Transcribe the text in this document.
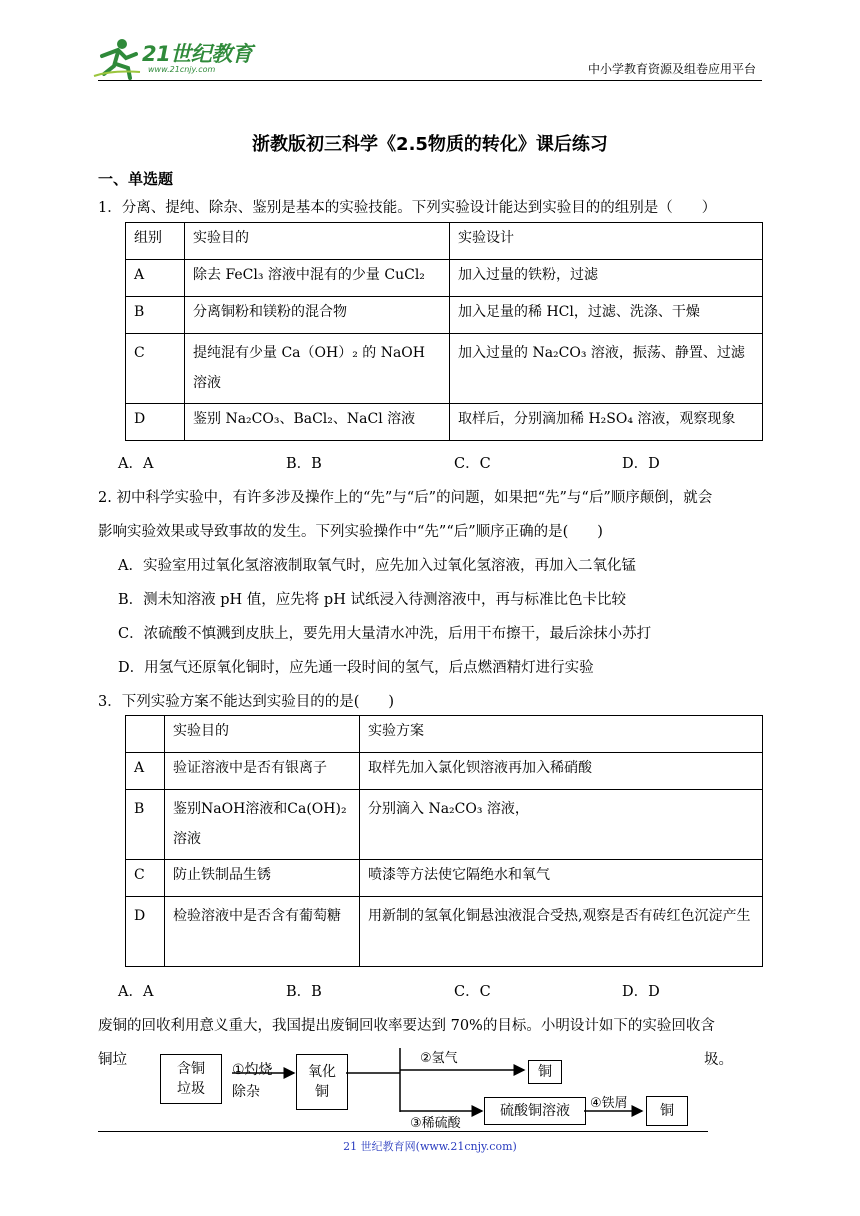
21世纪教育
www.21cnjy.com	中小学教育资源及组卷应用平台
浙教版初三科学《2.5物质的转化》课后练习
一、单选题
1．分离、提纯、除杂、鉴别是基本的实验技能。下列实验设计能达到实验目的的组别是（　　）
组别	实验目的	实验设计
A	除去 FeCl₃ 溶液中混有的少量 CuCl₂	加入过量的铁粉，过滤
B	分离铜粉和镁粉的混合物	加入足量的稀 HCl，过滤、洗涤、干燥
C	提纯混有少量 Ca（OH）₂ 的 NaOH 溶液	加入过量的 Na₂CO₃ 溶液，振荡、静置、过滤
D	鉴别 Na₂CO₃、BaCl₂、NaCl 溶液	取样后，分别滴加稀 H₂SO₄ 溶液，观察现象
A．A	B．B	C．C	D．D
2. 初中科学实验中，有许多涉及操作上的“先”与“后”的问题，如果把“先”与“后”顺序颠倒，就会
影响实验效果或导致事故的发生。下列实验操作中“先”“后”顺序正确的是(　　)
A．实验室用过氧化氢溶液制取氧气时，应先加入过氧化氢溶液，再加入二氧化锰
B．测未知溶液 pH 值，应先将 pH 试纸浸入待测溶液中，再与标准比色卡比较
C．浓硫酸不慎溅到皮肤上，要先用大量清水冲洗，后用干布擦干，最后涂抹小苏打
D．用氢气还原氧化铜时，应先通一段时间的氢气，后点燃酒精灯进行实验
3．下列实验方案不能达到实验目的的是(　　)
	实验目的	实验方案
A	验证溶液中是否有银离子	取样先加入氯化钡溶液再加入稀硝酸
B	鉴别NaOH溶液和Ca(OH)₂溶液	分别滴入 Na₂CO₃ 溶液，
C	防止铁制品生锈	喷漆等方法使它隔绝水和氧气
D	检验溶液中是否含有葡萄糖	用新制的氢氧化铜悬浊液混合受热,观察是否有砖红色沉淀产生
A．A	B．B	C．C	D．D
废铜的回收利用意义重大，我国提出废铜回收率要达到 70%的目标。小明设计如下的实验回收含
铜垃	圾。
含铜垃圾
①灼烧除杂
氧化铜
②氢气
铜
③稀硫酸
硫酸铜溶液	④铁屑	铜
21 世纪教育网(www.21cnjy.com)
